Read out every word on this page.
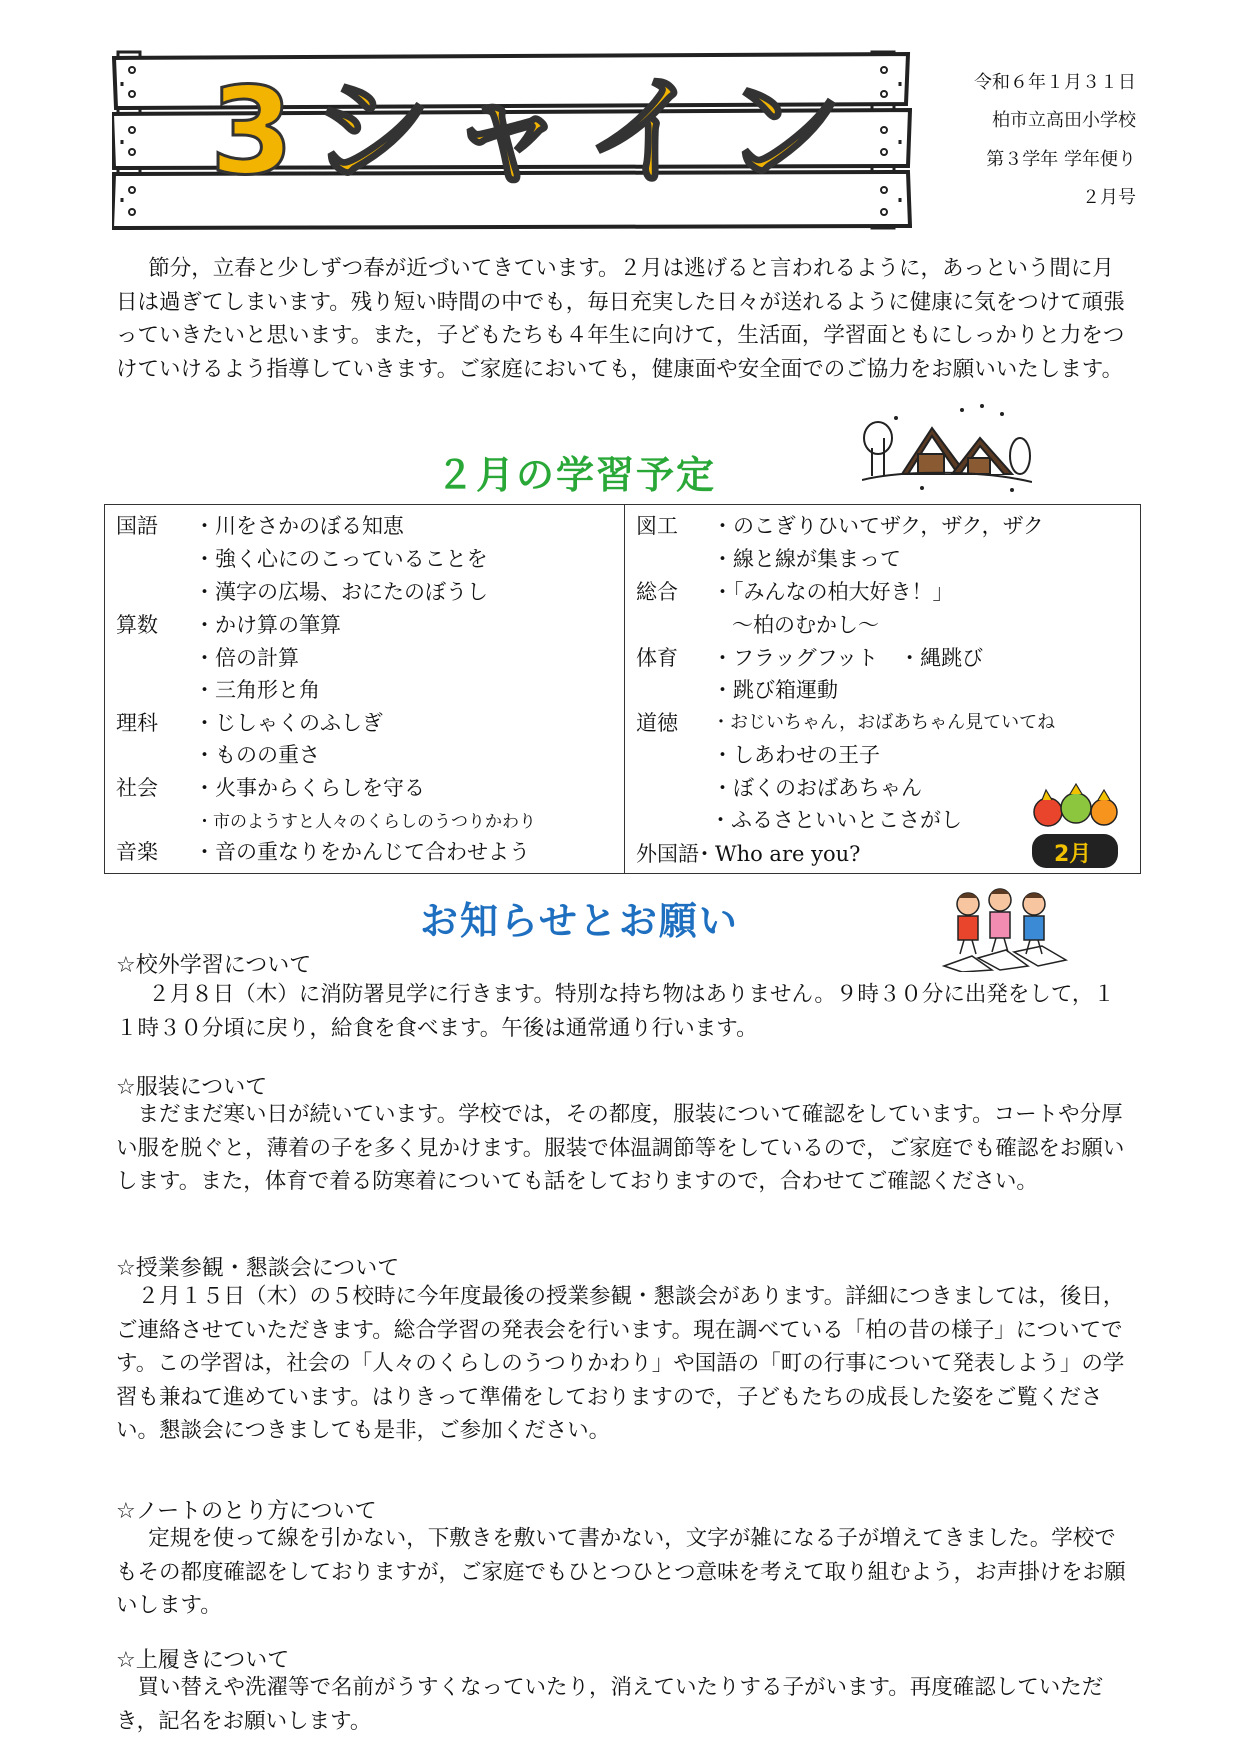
3シャイン	令和６年１月３１日
柏市立高田小学校
第３学年 学年便り
２月号
節分，立春と少しずつ春が近づいてきています。２月は逃げると言われるように，あっという間に月日は過ぎてしまいます。残り短い時間の中でも，毎日充実した日々が送れるように健康に気をつけて頑張っていきたいと思います。また，子どもたちも４年生に向けて，生活面，学習面ともにしっかりと力をつけていけるよう指導していきます。ご家庭においても，健康面や安全面でのご協力をお願いいたします。
２月の学習予定
国語 ・川をさかのぼる知恵
・強く心にのこっていることを
・漢字の広場、おにたのぼうし
算数 ・かけ算の筆算
・倍の計算
・三角形と角
理科 ・じしゃくのふしぎ
・ものの重さ
社会 ・火事からくらしを守る
・市のようすと人々のくらしのうつりかわり
音楽 ・音の重なりをかんじて合わせよう
図工 ・のこぎりひいてザク，ザク，ザク
・線と線が集まって
総合 ・「みんなの柏大好き！」
～柏のむかし～
体育 ・フラッグフット　・縄跳び
・跳び箱運動
道徳 ・おじいちゃん，おばあちゃん見ていてね
・しあわせの王子
・ぼくのおばあちゃん
・ふるさといいとこさがし
外国語
・Who are you?	2月
お知らせとお願い
☆校外学習について
２月８日（木）に消防署見学に行きます。特別な持ち物はありません。９時３０分に出発をして，１１時３０分頃に戻り，給食を食べます。午後は通常通り行います。
☆服装について
まだまだ寒い日が続いています。学校では，その都度，服装について確認をしています。コートや分厚い服を脱ぐと，薄着の子を多く見かけます。服装で体温調節等をしているので，ご家庭でも確認をお願いします。また，体育で着る防寒着についても話をしておりますので，合わせてご確認ください。
☆授業参観・懇談会について
２月１５日（木）の５校時に今年度最後の授業参観・懇談会があります。詳細につきましては，後日，ご連絡させていただきます。総合学習の発表会を行います。現在調べている「柏の昔の様子」についてです。この学習は，社会の「人々のくらしのうつりかわり」や国語の「町の行事について発表しよう」の学習も兼ねて進めています。はりきって準備をしておりますので，子どもたちの成長した姿をご覧ください。懇談会につきましても是非，ご参加ください。
☆ノートのとり方について
定規を使って線を引かない，下敷きを敷いて書かない，文字が雑になる子が増えてきました。学校でもその都度確認をしておりますが，ご家庭でもひとつひとつ意味を考えて取り組むよう，お声掛けをお願いします。
☆上履きについて
買い替えや洗濯等で名前がうすくなっていたり，消えていたりする子がいます。再度確認していただき，記名をお願いします。
